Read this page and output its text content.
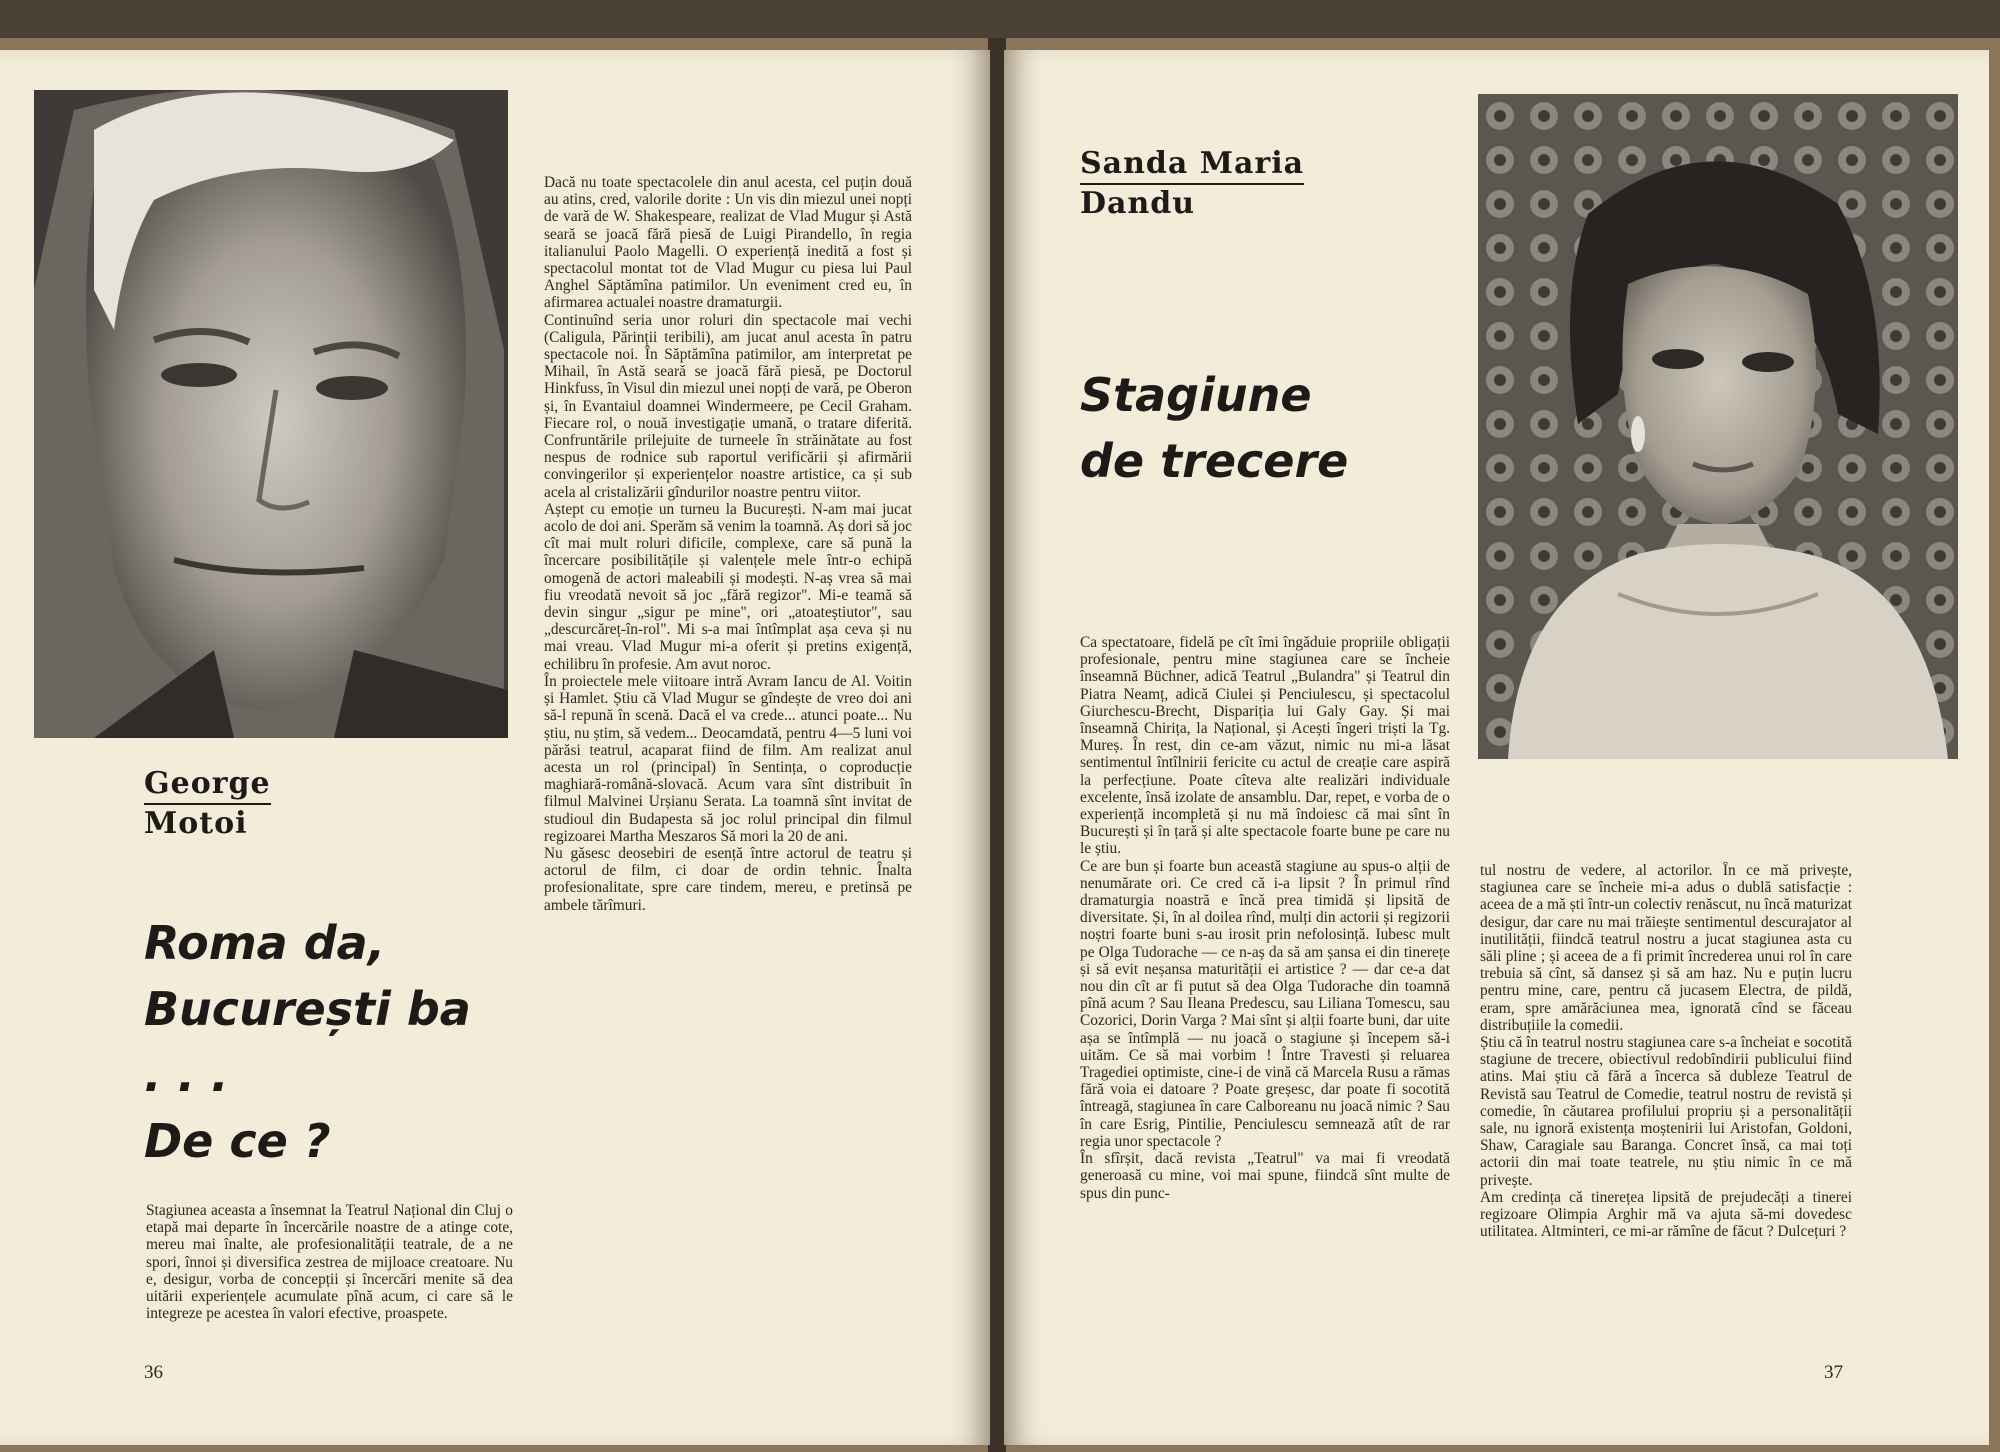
George
Motoi
Roma da,
București ba . . .
De ce ?
Stagiunea aceasta a însemnat la Teatrul Național din Cluj o etapă mai departe în încercările noastre de a atinge cote, mereu mai înalte, ale profesionalității teatrale, de a ne spori, înnoi și diversifica zestrea de mijloace creatoare. Nu e, desigur, vorba de concepții și încercări menite să dea uitării experiențele acumulate pînă acum, ci care să le integreze pe acestea în valori efective, proaspete.
Dacă nu toate spectacolele din anul acesta, cel puțin două au atins, cred, valorile dorite : Un vis din miezul unei nopți de vară de W. Shakespeare, realizat de Vlad Mugur și Astă seară se joacă fără piesă de Luigi Pirandello, în regia italianului Paolo Magelli. O experiență inedită a fost și spectacolul montat tot de Vlad Mugur cu piesa lui Paul Anghel Săptămîna patimilor. Un eveniment cred eu, în afirmarea actualei noastre dramaturgii.
Continuînd seria unor roluri din spectacole mai vechi (Caligula, Părinții teribili), am jucat anul acesta în patru spectacole noi. În Săptămîna patimilor, am interpretat pe Mihail, în Astă seară se joacă fără piesă, pe Doctorul Hinkfuss, în Visul din miezul unei nopți de vară, pe Oberon și, în Evantaiul doamnei Windermeere, pe Cecil Graham. Fiecare rol, o nouă investigație umană, o tratare diferită. Confruntările prilejuite de turneele în străinătate au fost nespus de rodnice sub raportul verificării și afirmării convingerilor și experiențelor noastre artistice, ca și sub acela al cristalizării gîndurilor noastre pentru viitor.
Aștept cu emoție un turneu la București. N-am mai jucat acolo de doi ani. Sperăm să venim la toamnă. Aș dori să joc cît mai mult roluri dificile, complexe, care să pună la încercare posibilitățile și valențele mele într-o echipă omogenă de actori maleabili și modești. N-aș vrea să mai fiu vreodată nevoit să joc „fără regizor". Mi-e teamă să devin singur „sigur pe mine", ori „atoateștiutor", sau „descurcăreț-în-rol". Mi s-a mai întîmplat așa ceva și nu mai vreau. Vlad Mugur mi-a oferit și pretins exigență, echilibru în profesie. Am avut noroc.
În proiectele mele viitoare intră Avram Iancu de Al. Voitin și Hamlet. Știu că Vlad Mugur se gîndește de vreo doi ani să-l repună în scenă. Dacă el va crede... atunci poate... Nu știu, nu știm, să vedem... Deocamdată, pentru 4—5 luni voi părăsi teatrul, acaparat fiind de film. Am realizat anul acesta un rol (principal) în Sentința, o coproducție maghiară-română-slovacă. Acum vara sînt distribuit în filmul Malvinei Urșianu Serata. La toamnă sînt invitat de studioul din Budapesta să joc rolul principal din filmul regizoarei Martha Meszaros Să mori la 20 de ani.
Nu găsesc deosebiri de esență între actorul de teatru și actorul de film, ci doar de ordin tehnic. Înalta profesionalitate, spre care tindem, mereu, e pretinsă pe ambele tărîmuri.
36
Sanda Maria
Dandu
Stagiune
de trecere
Ca spectatoare, fidelă pe cît îmi îngăduie propriile obligații profesionale, pentru mine stagiunea care se încheie înseamnă Büchner, adică Teatrul „Bulandra" și Teatrul din Piatra Neamț, adică Ciulei și Penciulescu, și spectacolul Giurchescu-Brecht, Dispariția lui Galy Gay. Și mai înseamnă Chirița, la Național, și Acești îngeri triști la Tg. Mureș. În rest, din ce-am văzut, nimic nu mi-a lăsat sentimentul întîlnirii fericite cu actul de creație care aspiră la perfecțiune. Poate cîteva alte realizări individuale excelente, însă izolate de ansamblu. Dar, repet, e vorba de o experiență incompletă și nu mă îndoiesc că mai sînt în București și în țară și alte spectacole foarte bune pe care nu le știu.
Ce are bun și foarte bun această stagiune au spus-o alții de nenumărate ori. Ce cred că i-a lipsit ? În primul rînd dramaturgia noastră e încă prea timidă și lipsită de diversitate. Și, în al doilea rînd, mulți din actorii și regizorii noștri foarte buni s-au irosit prin nefolosință. Iubesc mult pe Olga Tudorache — ce n-aș da să am șansa ei din tinerețe și să evit neșansa maturității ei artistice ? — dar ce-a dat nou din cît ar fi putut să dea Olga Tudorache din toamnă pînă acum ? Sau Ileana Predescu, sau Liliana Tomescu, sau Cozorici, Dorin Varga ? Mai sînt și alții foarte buni, dar uite așa se întîmplă — nu joacă o stagiune și începem să-i uităm. Ce să mai vorbim ! Între Travesti și reluarea Tragediei optimiste, cine-i de vină că Marcela Rusu a rămas fără voia ei datoare ? Poate greșesc, dar poate fi socotită întreagă, stagiunea în care Calboreanu nu joacă nimic ? Sau în care Esrig, Pintilie, Penciulescu semnează atît de rar regia unor spectacole ?
În sfîrșit, dacă revista „Teatrul" va mai fi vreodată generoasă cu mine, voi mai spune, fiindcă sînt multe de spus din punc-
tul nostru de vedere, al actorilor. În ce mă privește, stagiunea care se încheie mi-a adus o dublă satisfacție : aceea de a mă ști într-un colectiv renăscut, nu încă maturizat desigur, dar care nu mai trăiește sentimentul descurajator al inutilității, fiindcă teatrul nostru a jucat stagiunea asta cu săli pline ; și aceea de a fi primit încrederea unui rol în care trebuia să cînt, să dansez și să am haz. Nu e puțin lucru pentru mine, care, pentru că jucasem Electra, de pildă, eram, spre amărăciunea mea, ignorată cînd se făceau distribuțiile la comedii.
Știu că în teatrul nostru stagiunea care s-a încheiat e socotită stagiune de trecere, obiectivul redobîndirii publicului fiind atins. Mai știu că fără a încerca să dubleze Teatrul de Revistă sau Teatrul de Comedie, teatrul nostru de revistă și comedie, în căutarea profilului propriu și a personalității sale, nu ignoră existența moștenirii lui Aristofan, Goldoni, Shaw, Caragiale sau Baranga. Concret însă, ca mai toți actorii din mai toate teatrele, nu știu nimic în ce mă privește.
Am credința că tinerețea lipsită de prejudecăți a tinerei regizoare Olimpia Arghir mă va ajuta să-mi dovedesc utilitatea. Altminteri, ce mi-ar rămîne de făcut ? Dulcețuri ?
37
